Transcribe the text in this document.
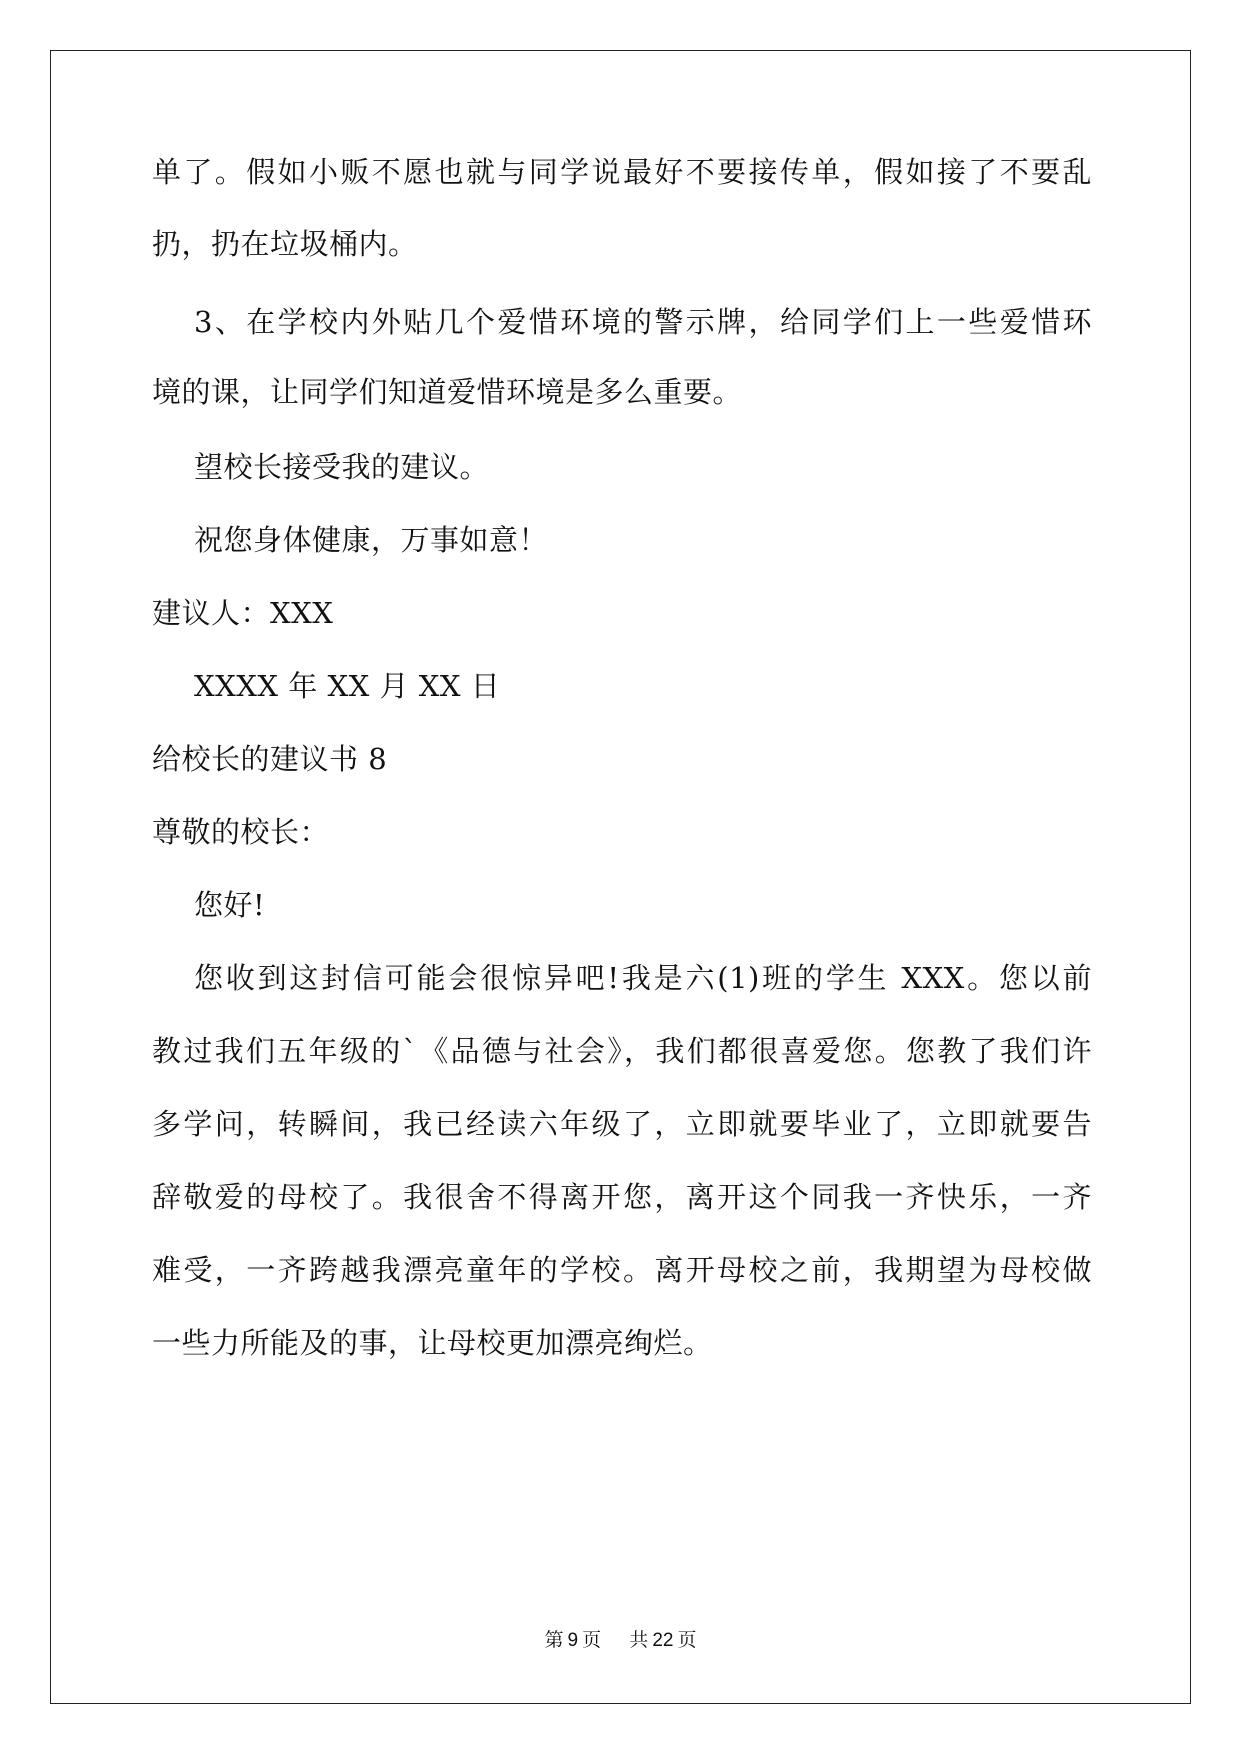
单了。假如小贩不愿也就与同学说最好不要接传单，假如接了不要乱
扔，扔在垃圾桶内。
3、在学校内外贴几个爱惜环境的警示牌，给同学们上一些爱惜环
境的课，让同学们知道爱惜环境是多么重要。
望校长接受我的建议。
祝您身体健康，万事如意！
建议人：XXX
XXXX 年 XX 月 XX 日
给校长的建议书 8
尊敬的校长：
您好!
您收到这封信可能会很惊异吧!我是六(1)班的学生 XXX。您以前
教过我们五年级的`《品德与社会》，我们都很喜爱您。您教了我们许
多学问，转瞬间，我已经读六年级了，立即就要毕业了，立即就要告
辞敬爱的母校了。我很舍不得离开您，离开这个同我一齐快乐，一齐
难受，一齐跨越我漂亮童年的学校。离开母校之前，我期望为母校做
一些力所能及的事，让母校更加漂亮绚烂。
第 9 页 共 22 页
